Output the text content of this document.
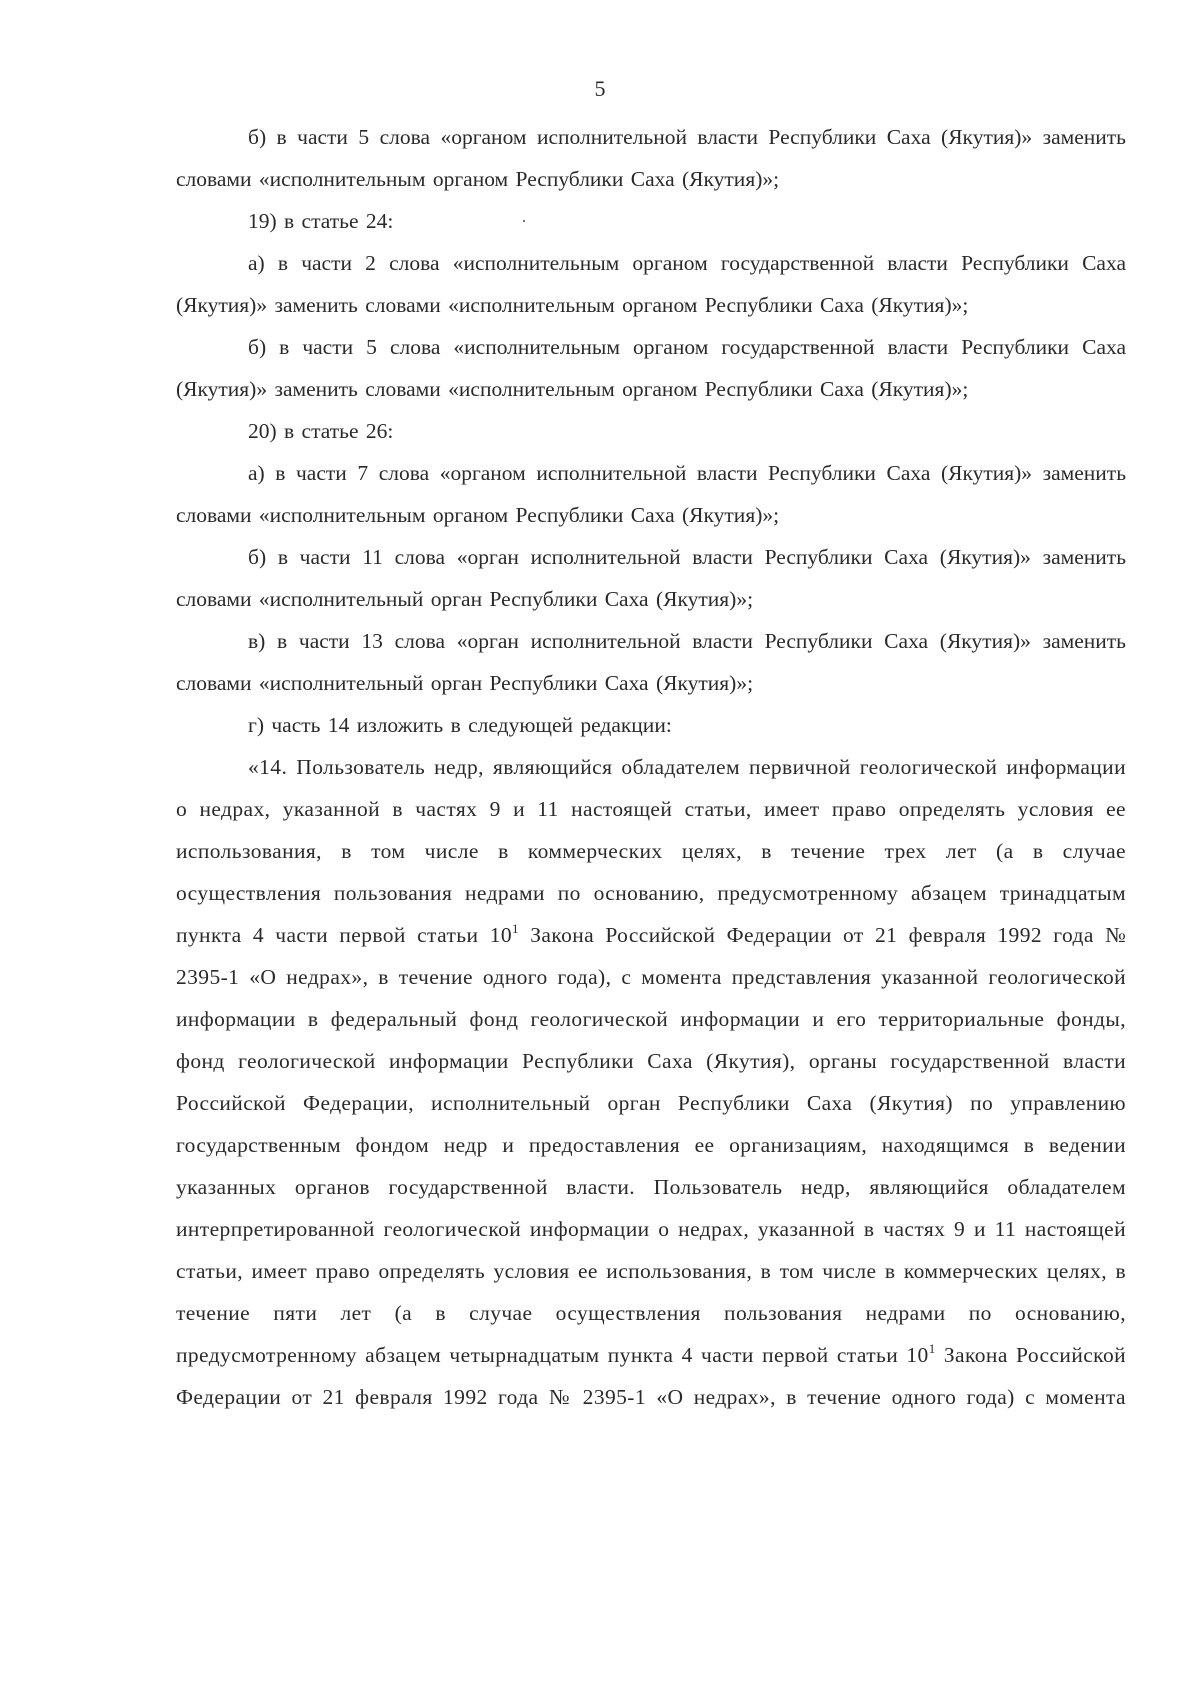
5

б) в части 5 слова «органом исполнительной власти Республики Саха (Якутия)» заменить словами «исполнительным органом Республики Саха (Якутия)»;

19) в статье 24:

а) в части 2 слова «исполнительным органом государственной власти Республики Саха (Якутия)» заменить словами «исполнительным органом Республики Саха (Якутия)»;

б) в части 5 слова «исполнительным органом государственной власти Республики Саха (Якутия)» заменить словами «исполнительным органом Республики Саха (Якутия)»;

20) в статье 26:

а) в части 7 слова «органом исполнительной власти Республики Саха (Якутия)» заменить словами «исполнительным органом Республики Саха (Якутия)»;

б) в части 11 слова «орган исполнительной власти Республики Саха (Якутия)» заменить словами «исполнительный орган Республики Саха (Якутия)»;

в) в части 13 слова «орган исполнительной власти Республики Саха (Якутия)» заменить словами «исполнительный орган Республики Саха (Якутия)»;

г) часть 14 изложить в следующей редакции:

«14. Пользователь недр, являющийся обладателем первичной геологической информации о недрах, указанной в частях 9 и 11 настоящей статьи, имеет право определять условия ее использования, в том числе в коммерческих целях, в течение трех лет (а в случае осуществления пользования недрами по основанию, предусмотренному абзацем тринадцатым пункта 4 части первой статьи $10^1$ Закона Российской Федерации от 21 февраля 1992 года № 2395-1 «О недрах», в течение одного года), с момента представления указанной геологической информации в федеральный фонд геологической информации и его территориальные фонды, фонд геологической информации Республики Саха (Якутия), органы государственной власти Российской Федерации, исполнительный орган Республики Саха (Якутия) по управлению государственным фондом недр и предоставления ее организациям, находящимся в ведении указанных органов государственной власти. Пользователь недр, являющийся обладателем интерпретированной геологической информации о недрах, указанной в частях 9 и 11 настоящей статьи, имеет право определять условия ее использования, в том числе в коммерческих целях, в течение пяти лет (а в случае осуществления пользования недрами по основанию, предусмотренному абзацем четырнадцатым пункта 4 части первой статьи $10^1$ Закона Российской Федерации от 21 февраля 1992 года № 2395-1 «О недрах», в течение одного года) с момента
